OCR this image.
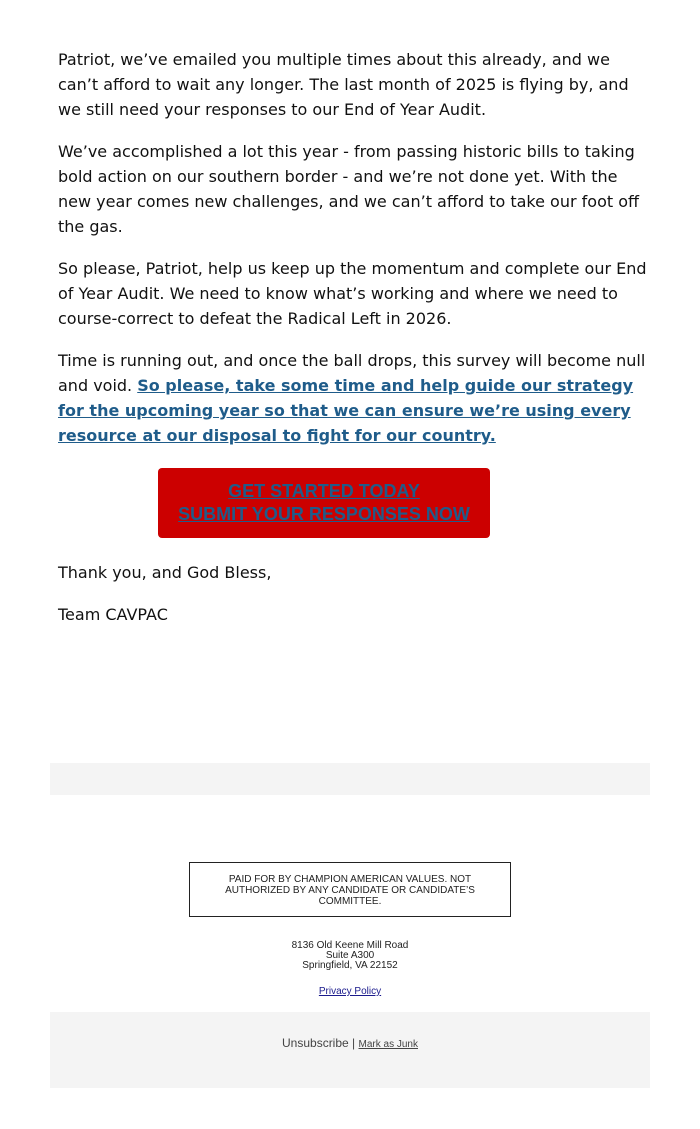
Patriot, we’ve emailed you multiple times about this already, and we can’t afford to wait any longer. The last month of 2025 is flying by, and we still need your responses to our End of Year Audit.

We’ve accomplished a lot this year - from passing historic bills to taking bold action on our southern border - and we’re not done yet. With the new year comes new challenges, and we can’t afford to take our foot off the gas.

So please, Patriot, help us keep up the momentum and complete our End of Year Audit. We need to know what’s working and where we need to course-correct to defeat the Radical Left in 2026.

Time is running out, and once the ball drops, this survey will become null and void. So please, take some time and help guide our strategy for the upcoming year so that we can ensure we’re using every resource at our disposal to fight for our country.

GET STARTED TODAY
SUBMIT YOUR RESPONSES NOW

Thank you, and God Bless,

Team CAVPAC

PAID FOR BY CHAMPION AMERICAN VALUES. NOT AUTHORIZED BY ANY CANDIDATE OR CANDIDATE’S COMMITTEE.
8136 Old Keene Mill Road
Suite A300
Springfield, VA 22152
Privacy Policy
Unsubscribe | Mark as Junk
